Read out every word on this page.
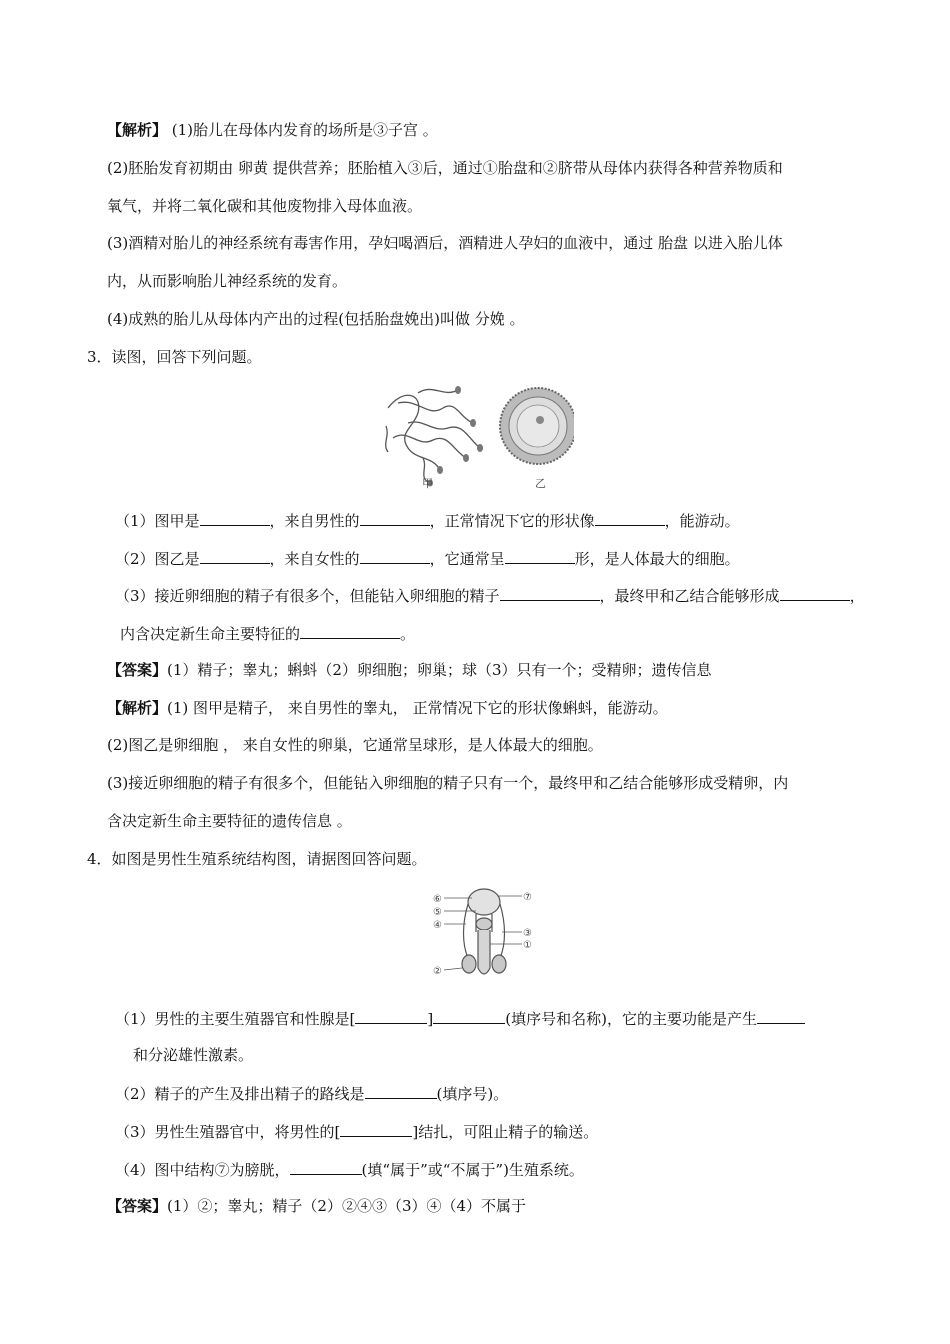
【解析】 (1)胎儿在母体内发育的场所是③子宫 。
(2)胚胎发育初期由 卵黄 提供营养；胚胎植入③后，通过①胎盘和②脐带从母体内获得各种营养物质和
氧气，并将二氧化碳和其他废物排入母体血液。
(3)酒精对胎儿的神经系统有毒害作用，孕妇喝酒后，酒精进人孕妇的血液中，通过 胎盘 以进入胎儿体
内，从而影响胎儿神经系统的发育。
(4)成熟的胎儿从母体内产出的过程(包括胎盘娩出)叫做 分娩 。
3．读图，回答下列问题。
甲	乙
（1）图甲是	，来自男性的	，正常情况下它的形状像	，能游动。
（2）图乙是	，来自女性的	，它通常呈	形，是人体最大的细胞。
（3）接近卵细胞的精子有很多个，但能钻入卵细胞的精子	，最终甲和乙结合能够形成	，
内含决定新生命主要特征的	。
【答案】(1）精子；睾丸；蝌蚪（2）卵细胞；卵巢；球（3）只有一个；受精卵；遗传信息
【解析】(1) 图甲是精子， 来自男性的睾丸， 正常情况下它的形状像蝌蚪，能游动。
(2)图乙是卵细胞 ， 来自女性的卵巢，它通常呈球形，是人体最大的细胞。
(3)接近卵细胞的精子有很多个，但能钻入卵细胞的精子只有一个，最终甲和乙结合能够形成受精卵，内
含决定新生命主要特征的遗传信息 。
4．如图是男性生殖系统结构图，请据图回答问题。
⑥
⑤
④
②
⑦
③
①
（1）男性的主要生殖器官和性腺是[	]	(填序号和名称)，它的主要功能是产生
和分泌雄性激素。
（2）精子的产生及排出精子的路线是	(填序号)。
（3）男性生殖器官中，将男性的[	]结扎，可阻止精子的输送。
（4）图中结构⑦为膀胱，	(填“属于”或“不属于”)生殖系统。
【答案】(1）②；睾丸；精子（2）②④③（3）④（4）不属于
